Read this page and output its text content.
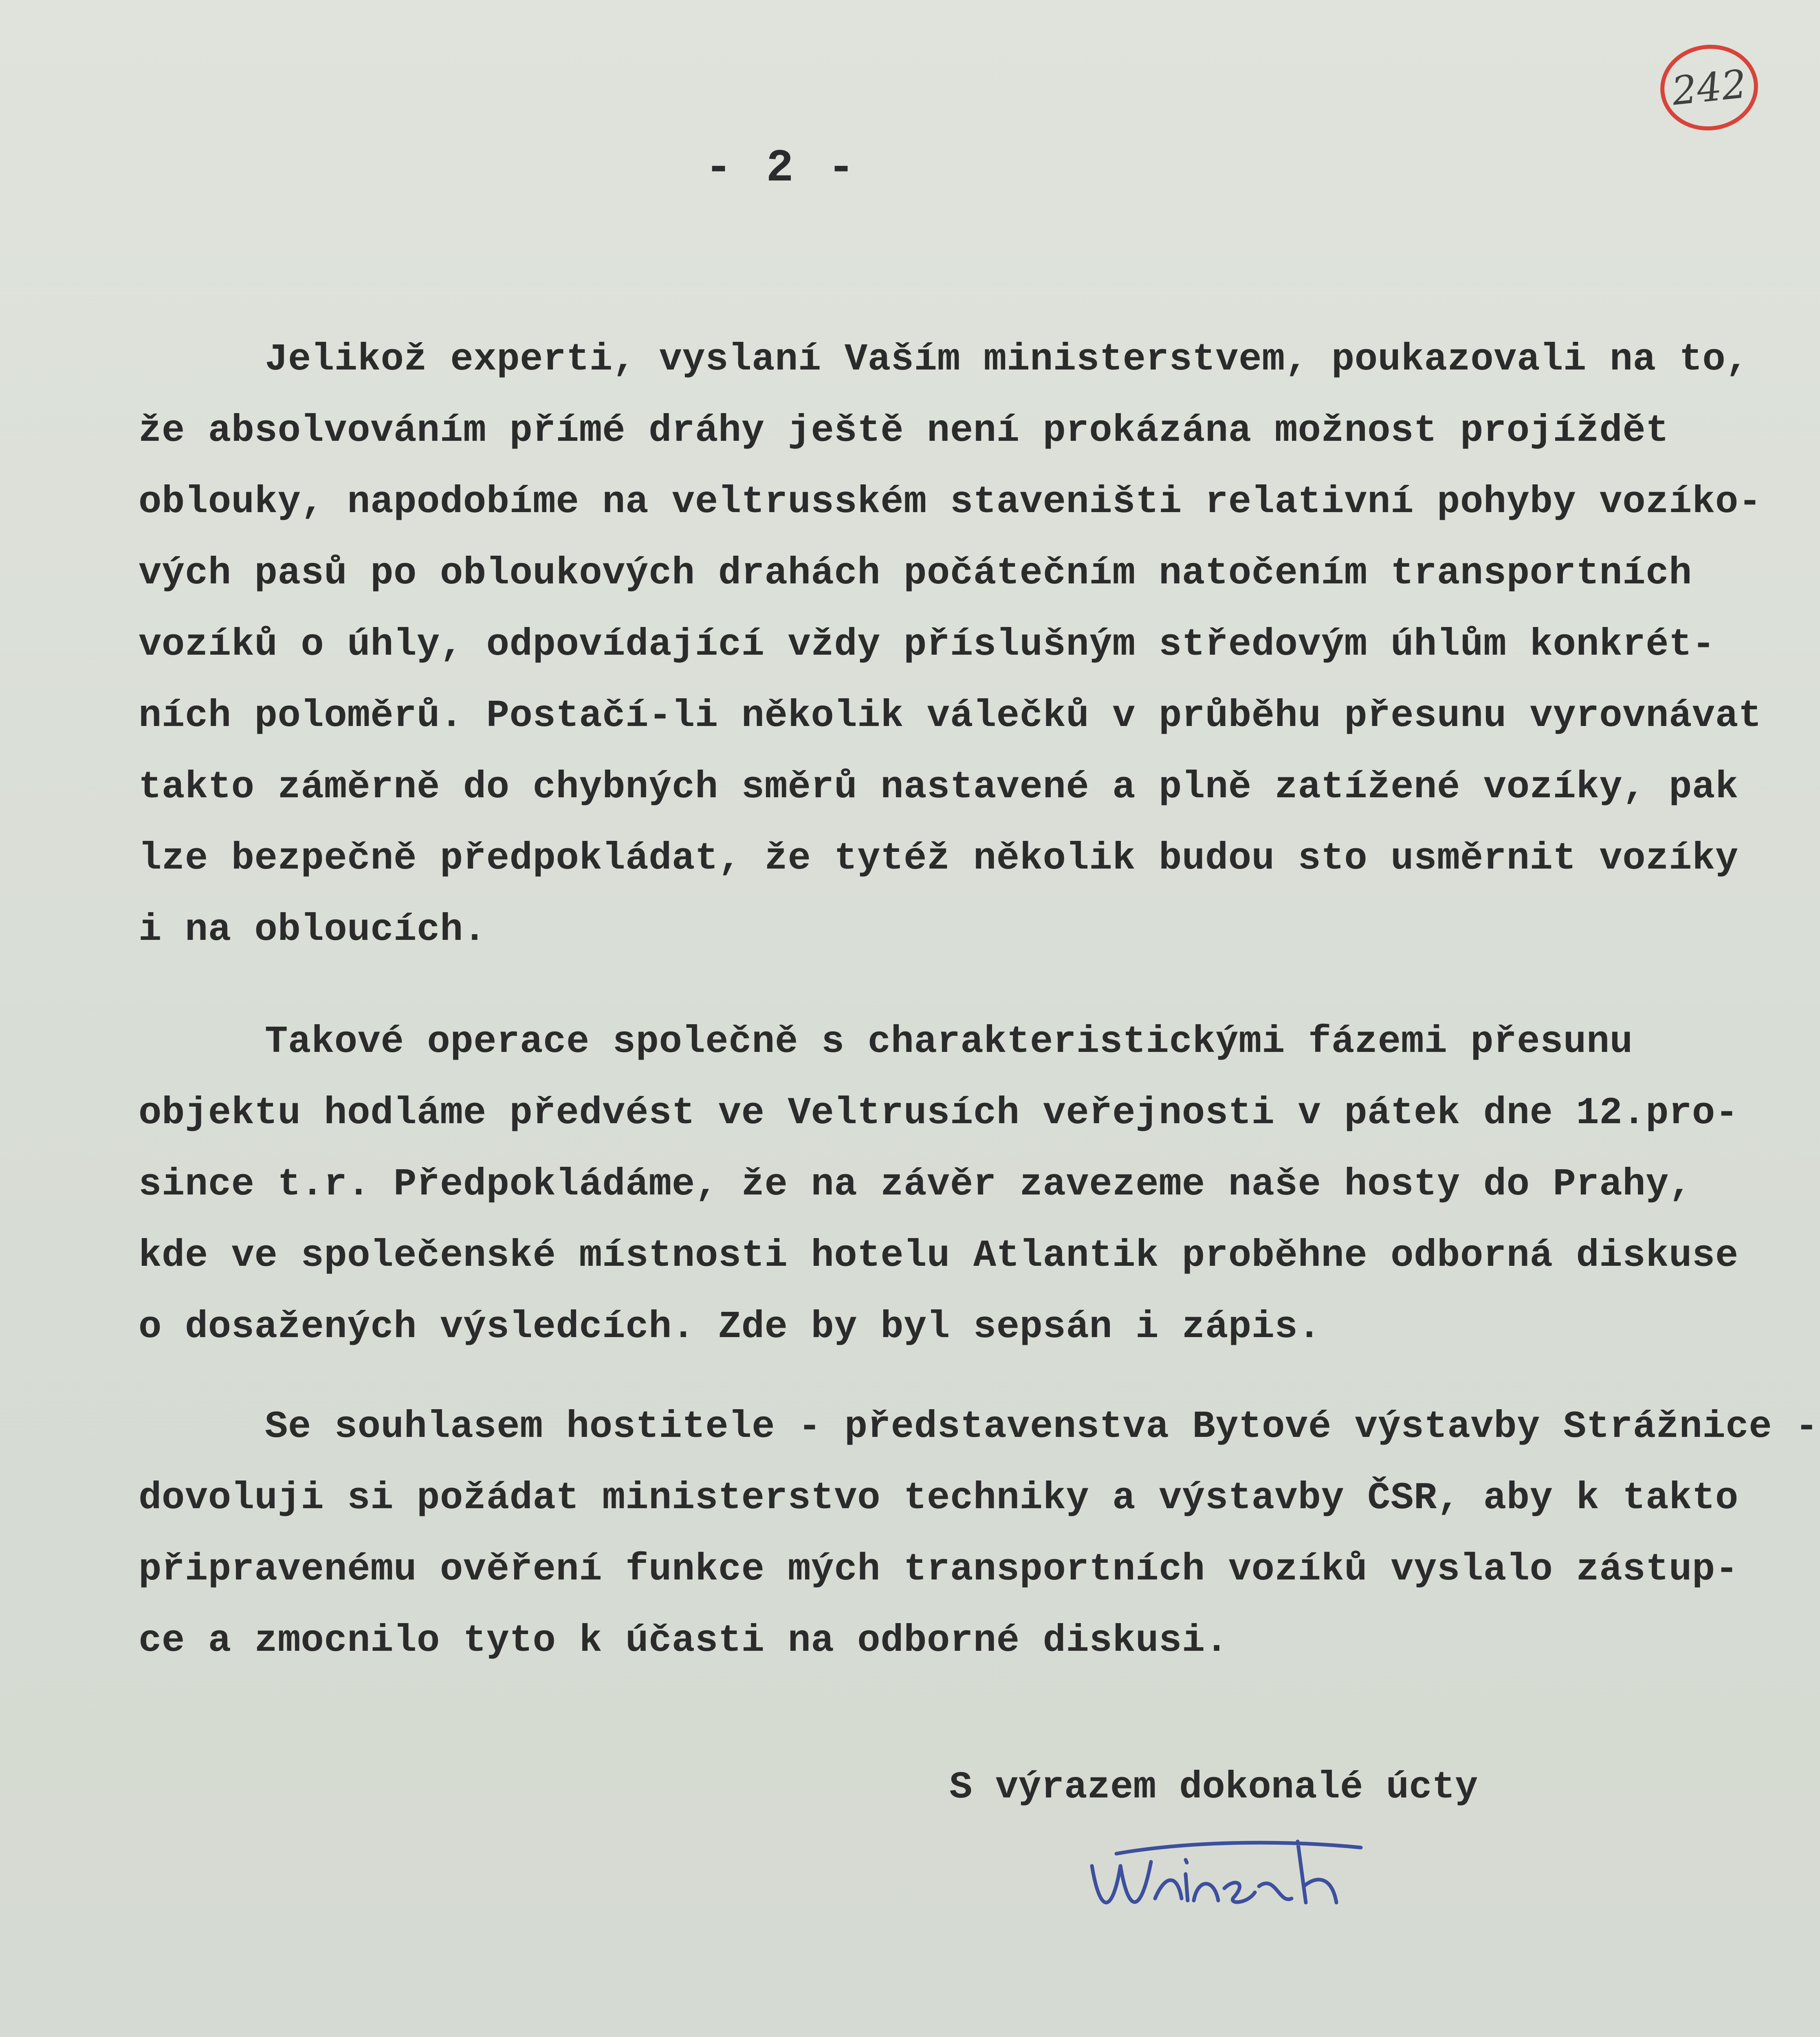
242
- 2 -
Jelikož experti, vyslaní Vaším ministerstvem, poukazovali na to,
že absolvováním přímé dráhy ještě není prokázána možnost projíždět
oblouky, napodobíme na veltrusském staveništi relativní pohyby vozíko-
vých pasů po obloukových drahách počátečním natočením transportních
vozíků o úhly, odpovídající vždy příslušným středovým úhlům konkrét-
ních poloměrů. Postačí-li několik válečků v průběhu přesunu vyrovnávat
takto záměrně do chybných směrů nastavené a plně zatížené vozíky, pak
lze bezpečně předpokládat, že tytéž několik budou sto usměrnit vozíky
i na obloucích.
Takové operace společně s charakteristickými fázemi přesunu
objektu hodláme předvést ve Veltrusích veřejnosti v pátek dne 12.pro-
since t.r. Předpokládáme, že na závěr zavezeme naše hosty do Prahy,
kde ve společenské místnosti hotelu Atlantik proběhne odborná diskuse
o dosažených výsledcích. Zde by byl sepsán i zápis.
Se souhlasem hostitele - představenstva Bytové výstavby Strážnice -
dovoluji si požádat ministerstvo techniky a výstavby ČSR, aby k takto
připravenému ověření funkce mých transportních vozíků vyslalo zástup-
ce a zmocnilo tyto k účasti na odborné diskusi.
S výrazem dokonalé úcty
